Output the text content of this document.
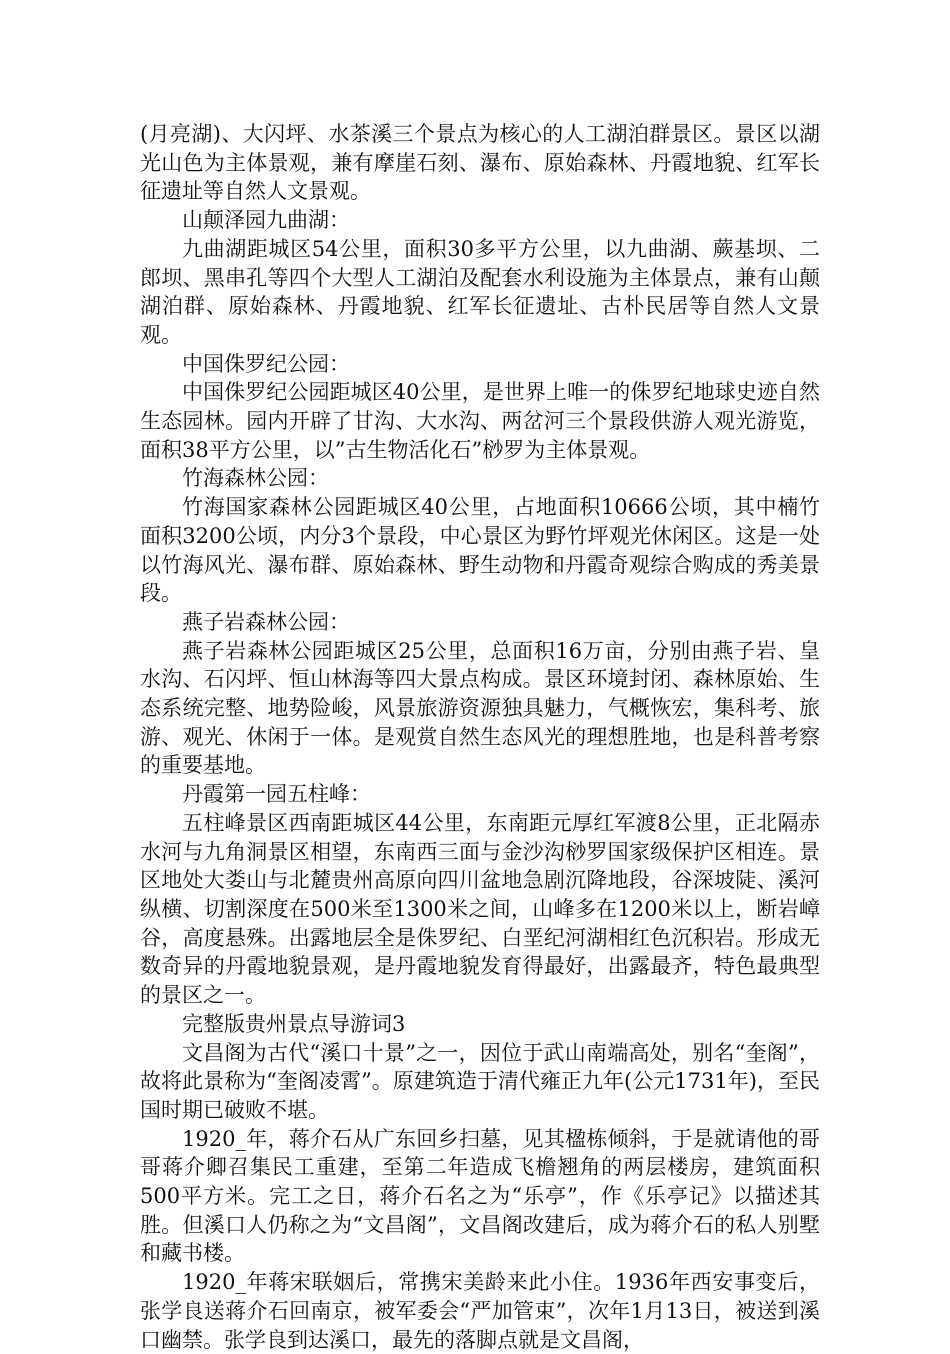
(月亮湖)、大闪坪、水茶溪三个景点为核心的人工湖泊群景区。景区以湖光山色为主体景观，兼有摩崖石刻、瀑布、原始森林、丹霞地貌、红军长征遗址等自然人文景观。

山颠泽园九曲湖：

九曲湖距城区54公里，面积30多平方公里，以九曲湖、蕨基坝、二郎坝、黑串孔等四个大型人工湖泊及配套水利设施为主体景点，兼有山颠湖泊群、原始森林、丹霞地貌、红军长征遗址、古朴民居等自然人文景观。

中国侏罗纪公园：

中国侏罗纪公园距城区40公里，是世界上唯一的侏罗纪地球史迹自然生态园林。园内开辟了甘沟、大水沟、两岔河三个景段供游人观光游览，面积38平方公里，以”古生物活化石”桫罗为主体景观。

竹海森林公园：

竹海国家森林公园距城区40公里，占地面积10666公顷，其中楠竹面积3200公顷，内分3个景段，中心景区为野竹坪观光休闲区。这是一处以竹海风光、瀑布群、原始森林、野生动物和丹霞奇观综合购成的秀美景段。

燕子岩森林公园：

燕子岩森林公园距城区25公里，总面积16万亩，分别由燕子岩、皇水沟、石闪坪、恒山林海等四大景点构成。景区环境封闭、森林原始、生态系统完整、地势险峻，风景旅游资源独具魅力，气概恢宏，集科考、旅游、观光、休闲于一体。是观赏自然生态风光的理想胜地，也是科普考察的重要基地。

丹霞第一园五柱峰：

五柱峰景区西南距城区44公里，东南距元厚红军渡8公里，正北隔赤水河与九角洞景区相望，东南西三面与金沙沟桫罗国家级保护区相连。景区地处大娄山与北麓贵州高原向四川盆地急剧沉降地段，谷深坡陡、溪河纵横、切割深度在500米至1300米之间，山峰多在1200米以上，断岩嶂谷，高度悬殊。出露地层全是侏罗纪、白垩纪河湖相红色沉积岩。形成无数奇异的丹霞地貌景观，是丹霞地貌发育得最好，出露最齐，特色最典型的景区之一。

完整版贵州景点导游词3

文昌阁为古代“溪口十景”之一，因位于武山南端高处，别名“奎阁”，故将此景称为“奎阁凌霄”。原建筑造于清代雍正九年(公元1731年)，至民国时期已破败不堪。

1920_年，蒋介石从广东回乡扫墓，见其楹栋倾斜，于是就请他的哥哥蒋介卿召集民工重建，至第二年造成飞檐翘角的两层楼房，建筑面积500平方米。完工之日，蒋介石名之为“乐亭”，作《乐亭记》以描述其胜。但溪口人仍称之为“文昌阁”，文昌阁改建后，成为蒋介石的私人别墅和藏书楼。

1920_年蒋宋联姻后，常携宋美龄来此小住。1936年西安事变后，张学良送蒋介石回南京，被军委会“严加管束”，次年1月13日，被送到溪口幽禁。张学良到达溪口，最先的落脚点就是文昌阁，
